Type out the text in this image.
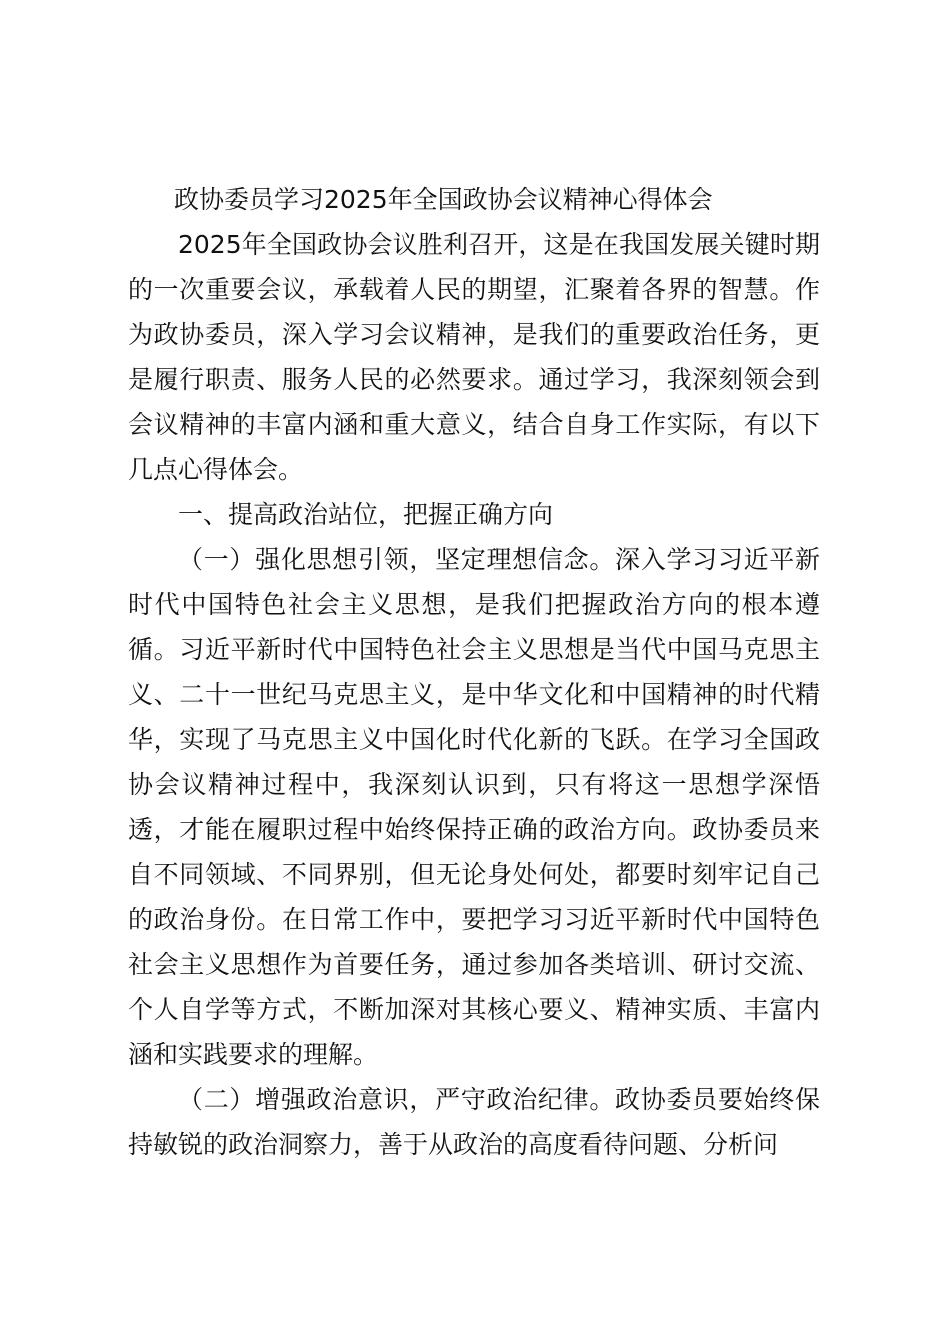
政协委员学习2025年全国政协会议精神心得体会

2025年全国政协会议胜利召开，这是在我国发展关键时期的一次重要会议，承载着人民的期望，汇聚着各界的智慧。作为政协委员，深入学习会议精神，是我们的重要政治任务，更是履行职责、服务人民的必然要求。通过学习，我深刻领会到会议精神的丰富内涵和重大意义，结合自身工作实际，有以下几点心得体会。

一、提高政治站位，把握正确方向

（一）强化思想引领，坚定理想信念。深入学习习近平新时代中国特色社会主义思想，是我们把握政治方向的根本遵循。习近平新时代中国特色社会主义思想是当代中国马克思主义、二十一世纪马克思主义，是中华文化和中国精神的时代精华，实现了马克思主义中国化时代化新的飞跃。在学习全国政协会议精神过程中，我深刻认识到，只有将这一思想学深悟透，才能在履职过程中始终保持正确的政治方向。政协委员来自不同领域、不同界别，但无论身处何处，都要时刻牢记自己的政治身份。在日常工作中，要把学习习近平新时代中国特色社会主义思想作为首要任务，通过参加各类培训、研讨交流、个人自学等方式，不断加深对其核心要义、精神实质、丰富内涵和实践要求的理解。

（二）增强政治意识，严守政治纪律。政协委员要始终保持敏锐的政治洞察力，善于从政治的高度看待问题、分析问
